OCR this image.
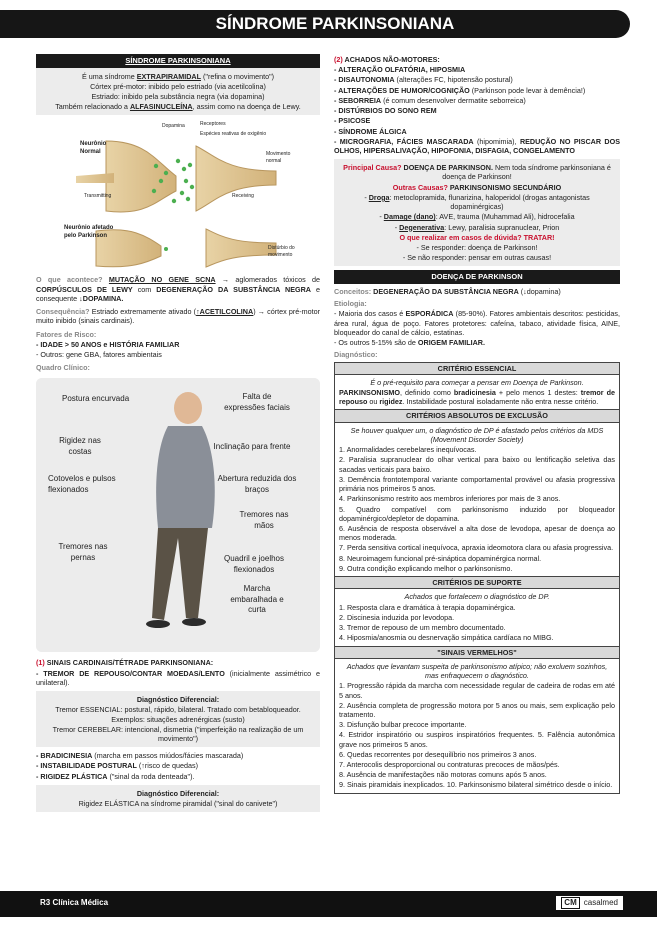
SÍNDROME PARKINSONIANA
SÍNDROME PARKINSONIANA

É uma síndrome EXTRAPIRAMIDAL ("refina o movimento")

Córtex pré-motor: inibido pelo estriado (via acetilcolina)

Estriado: inibido pela substância negra (via dopamina)

Também relacionado a ALFASINUCLEÍNA, assim como na doença de Lewy.

Neurônio Normal
Dopamina	Receptores
Espécies reativas de oxigênio
Movimento normal
Transmitting	Receiving
Neurônio afetado pelo Parkinson
Distúrbio do movimento

O que acontece? MUTAÇÃO NO GENE SCNA → aglomerados tóxicos de CORPÚSCULOS DE LEWY com DEGENERAÇÃO DA SUBSTÂNCIA NEGRA e consequente ↓DOPAMINA.

Consequência? Estriado extremamente ativado (↑ACETILCOLINA) → córtex pré-motor muito inibido (sinais cardinais).

Fatores de Risco:

- IDADE > 50 ANOS e HISTÓRIA FAMILIAR

- Outros: gene GBA, fatores ambientais

Quadro Clínico:

Postura encurvada	Falta de expressões faciais
Rigidez nas costas	Inclinação para frente
Cotovelos e pulsos flexionados
Abertura reduzida dos braços
Tremores nas mãos
Tremores nas pernas	Quadril e joelhos flexionados
Marcha embaralhada e curta

(1) SINAIS CARDINAIS/TÉTRADE PARKINSONIANA:

- TREMOR DE REPOUSO/CONTAR MOEDAS/LENTO (inicialmente assimétrico e unilateral).

Diagnóstico Diferencial:

Tremor ESSENCIAL: postural, rápido, bilateral. Tratado com betabloqueador. Exemplos: situações adrenérgicas (susto)

Tremor CEREBELAR: intencional, dismetria ("imperfeição na realização de um movimento")

- BRADICINESIA (marcha em passos miúdos/fácies mascarada)

- INSTABILIDADE POSTURAL (↑risco de quedas)

- RIGIDEZ PLÁSTICA ("sinal da roda denteada").

Diagnóstico Diferencial:

Rigidez ELÁSTICA na síndrome piramidal ("sinal do canivete")

(2) ACHADOS NÃO-MOTORES:

- ALTERAÇÃO OLFATÓRIA, HIPOSMIA

- DISAUTONOMIA (alterações FC, hipotensão postural)

- ALTERAÇÕES DE HUMOR/COGNIÇÃO (Parkinson pode levar à demência!)

- SEBORREIA (é comum desenvolver dermatite seborreica)

- DISTÚRBIOS DO SONO REM

- PSICOSE

- SÍNDROME ÁLGICA

- MICROGRAFIA, FÁCIES MASCARADA (hipomimia), REDUÇÃO NO PISCAR DOS OLHOS, HIPERSALIVAÇÃO, HIPOFONIA, DISFAGIA, CONGELAMENTO

Principal Causa? DOENÇA DE PARKINSON. Nem toda síndrome parkinsoniana é doença de Parkinson!

Outras Causas? PARKINSONISMO SECUNDÁRIO

- Droga: metoclopramida, flunarizina, haloperidol (drogas antagonistas dopaminérgicas)

- Damage (dano): AVE, trauma (Muhammad Ali), hidrocefalia

- Degenerativa: Lewy, paralisia supranuclear, Prion

O que realizar em casos de dúvida? TRATAR!

- Se responder: doença de Parkinson!

- Se não responder: pensar em outras causas!

DOENÇA DE PARKINSON

Conceitos: DEGENERAÇÃO DA SUBSTÂNCIA NEGRA (↓dopamina)

Etiologia:

- Maioria dos casos é ESPORÁDICA (85-90%). Fatores ambientais descritos: pesticidas, área rural, água de poço. Fatores protetores: cafeína, tabaco, atividade física, AINE, bloqueador do canal de cálcio, estatinas.

- Os outros 5-15% são de ORIGEM FAMILIAR.

Diagnóstico:

CRITÉRIO ESSENCIAL

É o pré-requisito para começar a pensar em Doença de Parkinson.

PARKINSONISMO, definido como bradicinesia + pelo menos 1 destes: tremor de repouso ou rigidez. Instabilidade postural isoladamente não entra nesse critério.

CRITÉRIOS ABSOLUTOS DE EXCLUSÃO

Se houver qualquer um, o diagnóstico de DP é afastado pelos critérios da MDS (Movement Disorder Society)

1. Anormalidades cerebelares inequívocas.

2. Paralisia supranuclear do olhar vertical para baixo ou lentificação seletiva das sacadas verticais para baixo.

3. Demência frontotemporal variante comportamental provável ou afasia progressiva primária nos primeiros 5 anos.

4. Parkinsonismo restrito aos membros inferiores por mais de 3 anos.

5. Quadro compatível com parkinsonismo induzido por bloqueador dopaminérgico/depletor de dopamina.

6. Ausência de resposta observável a alta dose de levodopa, apesar de doença ao menos moderada.

7. Perda sensitiva cortical inequívoca, apraxia ideomotora clara ou afasia progressiva.

8. Neuroimagem funcional pré-sináptica dopaminérgica normal.

9. Outra condição explicando melhor o parkinsonismo.

CRITÉRIOS DE SUPORTE

Achados que fortalecem o diagnóstico de DP.

1. Resposta clara e dramática à terapia dopaminérgica.

2. Discinesia induzida por levodopa.

3. Tremor de repouso de um membro documentado.

4. Hiposmia/anosmia ou desnervação simpática cardíaca no MIBG.

"SINAIS VERMELHOS"

Achados que levantam suspeita de parkinsonismo atípico; não excluem sozinhos, mas enfraquecem o diagnóstico.

1. Progressão rápida da marcha com necessidade regular de cadeira de rodas em até 5 anos.

2. Ausência completa de progressão motora por 5 anos ou mais, sem explicação pelo tratamento.

3. Disfunção bulbar precoce importante.

4. Estridor inspiratório ou suspiros inspiratórios frequentes. 5. Falência autonômica grave nos primeiros 5 anos.

6. Quedas recorrentes por desequilíbrio nos primeiros 3 anos.

7. Anterocolis desproporcional ou contraturas precoces de mãos/pés.

8. Ausência de manifestações não motoras comuns após 5 anos.

9. Sinais piramidais inexplicados. 10. Parkinsonismo bilateral simétrico desde o início.

R3 Clínica Médica	CM casalmed
